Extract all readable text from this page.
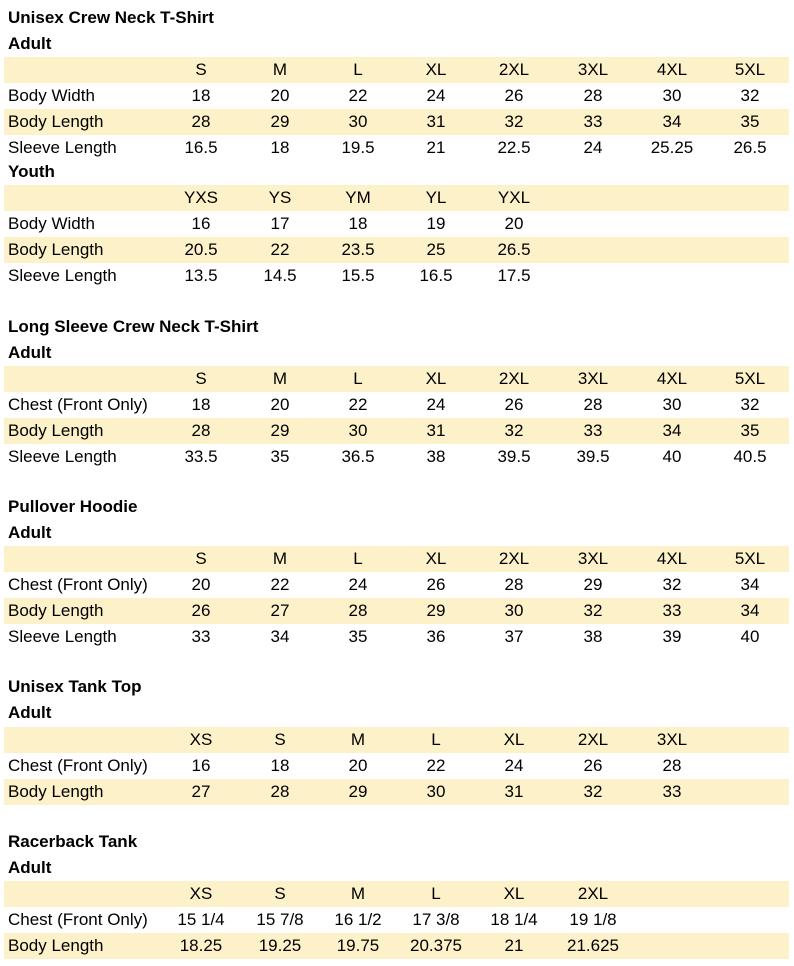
Unisex Crew Neck T-Shirt
Adult
S	M	L	XL	2XL	3XL	4XL	5XL
Body Width	18	20	22	24	26	28	30	32
Body Length	28	29	30	31	32	33	34	35
Sleeve Length	16.5	18	19.5	21	22.5	24	25.25	26.5
Youth
YXS	YS	YM	YL	YXL
Body Width	16	17	18	19	20
Body Length	20.5	22	23.5	25	26.5
Sleeve Length	13.5	14.5	15.5	16.5	17.5
Long Sleeve Crew Neck T-Shirt
Adult
S	M	L	XL	2XL	3XL	4XL	5XL
Chest (Front Only)	18	20	22	24	26	28	30	32
Body Length	28	29	30	31	32	33	34	35
Sleeve Length	33.5	35	36.5	38	39.5	39.5	40	40.5
Pullover Hoodie
Adult
S	M	L	XL	2XL	3XL	4XL	5XL
Chest (Front Only)	20	22	24	26	28	29	32	34
Body Length	26	27	28	29	30	32	33	34
Sleeve Length	33	34	35	36	37	38	39	40
Unisex Tank Top
Adult
XS	S	M	L	XL	2XL	3XL
Chest (Front Only)	16	18	20	22	24	26	28
Body Length	27	28	29	30	31	32	33
Racerback Tank
Adult
XS	S	M	L	XL	2XL
Chest (Front Only)	15 1/4	15 7/8	16 1/2	17 3/8	18 1/4	19 1/8
Body Length	18.25	19.25	19.75	20.375	21	21.625
